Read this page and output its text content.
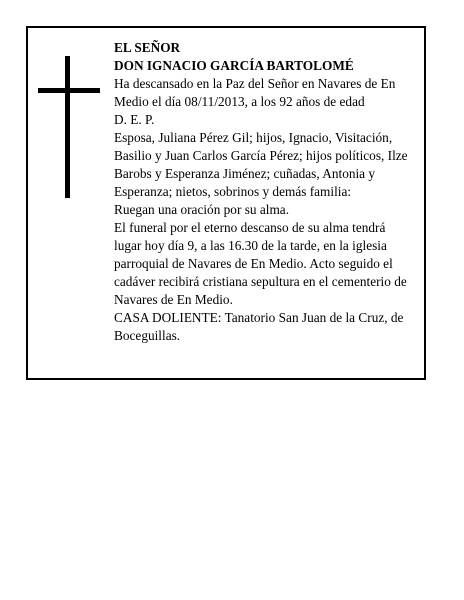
EL SEÑOR
DON IGNACIO GARCÍA BARTOLOMÉ
Ha descansado en la Paz del Señor en Navares de En
Medio el día 08/11/2013, a los 92 años de edad
D. E. P.
Esposa, Juliana Pérez Gil; hijos, Ignacio, Visitación,
Basilio y Juan Carlos García Pérez; hijos políticos, Ilze
Barobs y Esperanza Jiménez; cuñadas, Antonia y
Esperanza; nietos, sobrinos y demás familia:
Ruegan una oración por su alma.
El funeral por el eterno descanso de su alma tendrá
lugar hoy día 9, a las 16.30 de la tarde, en la iglesia
parroquial de Navares de En Medio. Acto seguido el
cadáver recibirá cristiana sepultura en el cementerio de
Navares de En Medio.
CASA DOLIENTE: Tanatorio San Juan de la Cruz, de
Boceguillas.
